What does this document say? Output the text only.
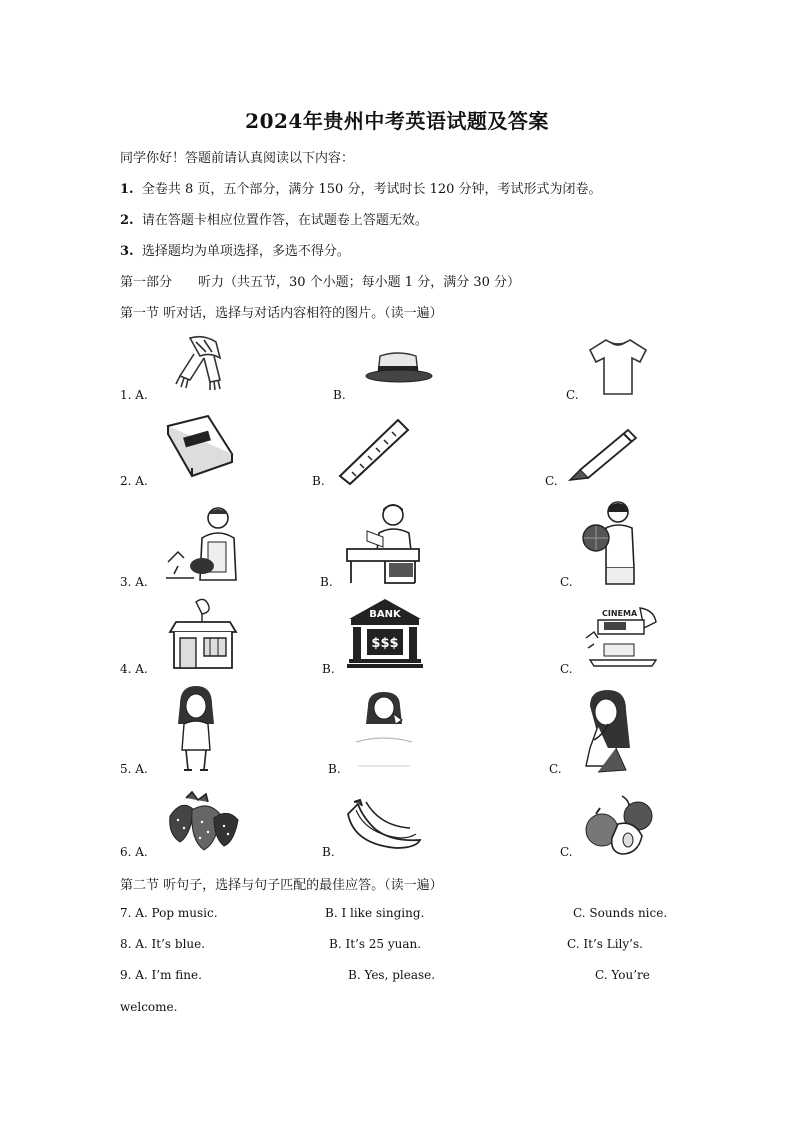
2024年贵州中考英语试题及答案
同学你好！答题前请认真阅读以下内容：
1. 全卷共 8 页，五个部分，满分 150 分，考试时长 120 分钟，考试形式为闭卷。
2. 请在答题卡相应位置作答，在试题卷上答题无效。
3. 选择题均为单项选择，多选不得分。
第一部分　　听力（共五节，30 个小题；每小题 1 分，满分 30 分）
第一节 听对话，选择与对话内容相符的图片。（读一遍）
1. A.	B.	C.
2. A.	B.	C.
3. A.	B.	C.
4. A.	B.	C.
5. A.	B.	C.
6. A.	B.	C.
BANK
$$$
CINEMA
第二节 听句子，选择与句子匹配的最佳应答。（读一遍）
7. A. Pop music.	B. I like singing.	C. Sounds nice.
8. A. It’s blue.	B. It’s 25 yuan.	C. It’s Lily’s.
9. A. I’m fine.	B. Yes, please.	C. You’re
welcome.
